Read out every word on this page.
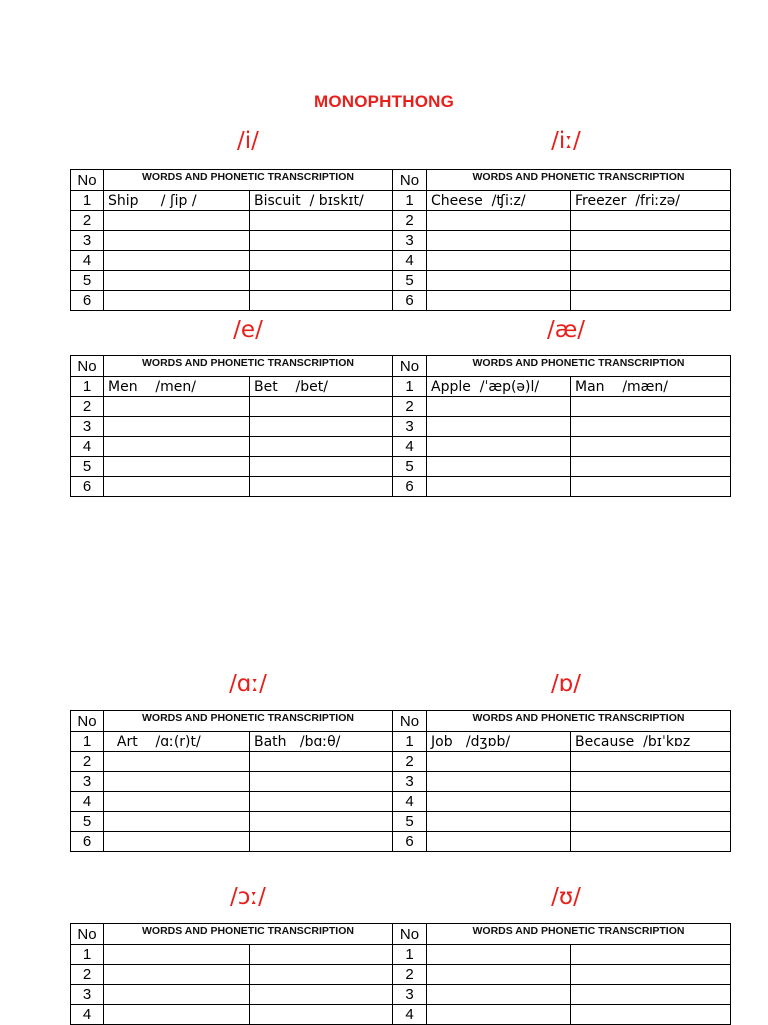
MONOPHTHONG
/i/	/iː/
No	WORDS AND PHONETIC TRANSCRIPTION		No	WORDS AND PHONETIC TRANSCRIPTION	
1	Ship     / ʃip /	Biscuit  / bɪskɪt/	1	Cheese  /ʧi:z/	Freezer  /friːzə/
2			2		
3			3		
4			4		
5			5		
6			6		
/e/	/æ/
No	WORDS AND PHONETIC TRANSCRIPTION		No	WORDS AND PHONETIC TRANSCRIPTION	
1	Men    /men/	Bet    /bet/	1	Apple  /ˈæp(ə)l/	Man    /mæn/
2			2		
3			3		
4			4		
5			5		
6			6		
/ɑː/	/ɒ/
No	WORDS AND PHONETIC TRANSCRIPTION		No	WORDS AND PHONETIC TRANSCRIPTION	
1	Art    /ɑː(r)t/	Bath   /bɑːθ/	1	Job   /dʒɒb/	Because  /bɪˈkɒz
2			2		
3			3		
4			4		
5			5		
6			6		
/ɔː/	/ʊ/
No	WORDS AND PHONETIC TRANSCRIPTION		No	WORDS AND PHONETIC TRANSCRIPTION	
1			1		
2			2		
3			3		
4			4		
